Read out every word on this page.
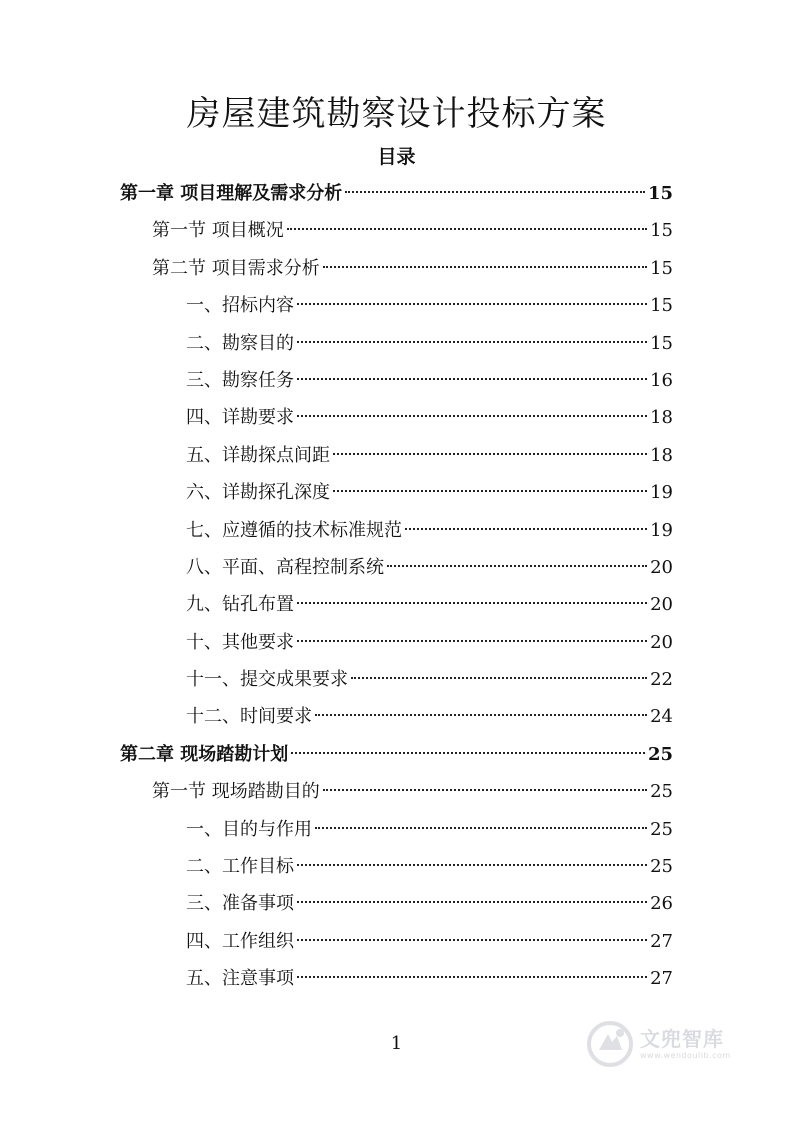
房屋建筑勘察设计投标方案
目录
第一章 项目理解及需求分析	15
第一节 项目概况	15
第二节 项目需求分析	15
一、招标内容	15
二、勘察目的	15
三、勘察任务	16
四、详勘要求	18
五、详勘探点间距	18
六、详勘探孔深度	19
七、应遵循的技术标准规范	19
八、平面、高程控制系统	20
九、钻孔布置	20
十、其他要求	20
十一、提交成果要求	22
十二、时间要求	24
第二章 现场踏勘计划	25
第一节 现场踏勘目的	25
一、目的与作用	25
二、工作目标	25
三、准备事项	26
四、工作组织	27
五、注意事项	27
1	文兜智库
www.wendoulib.com
